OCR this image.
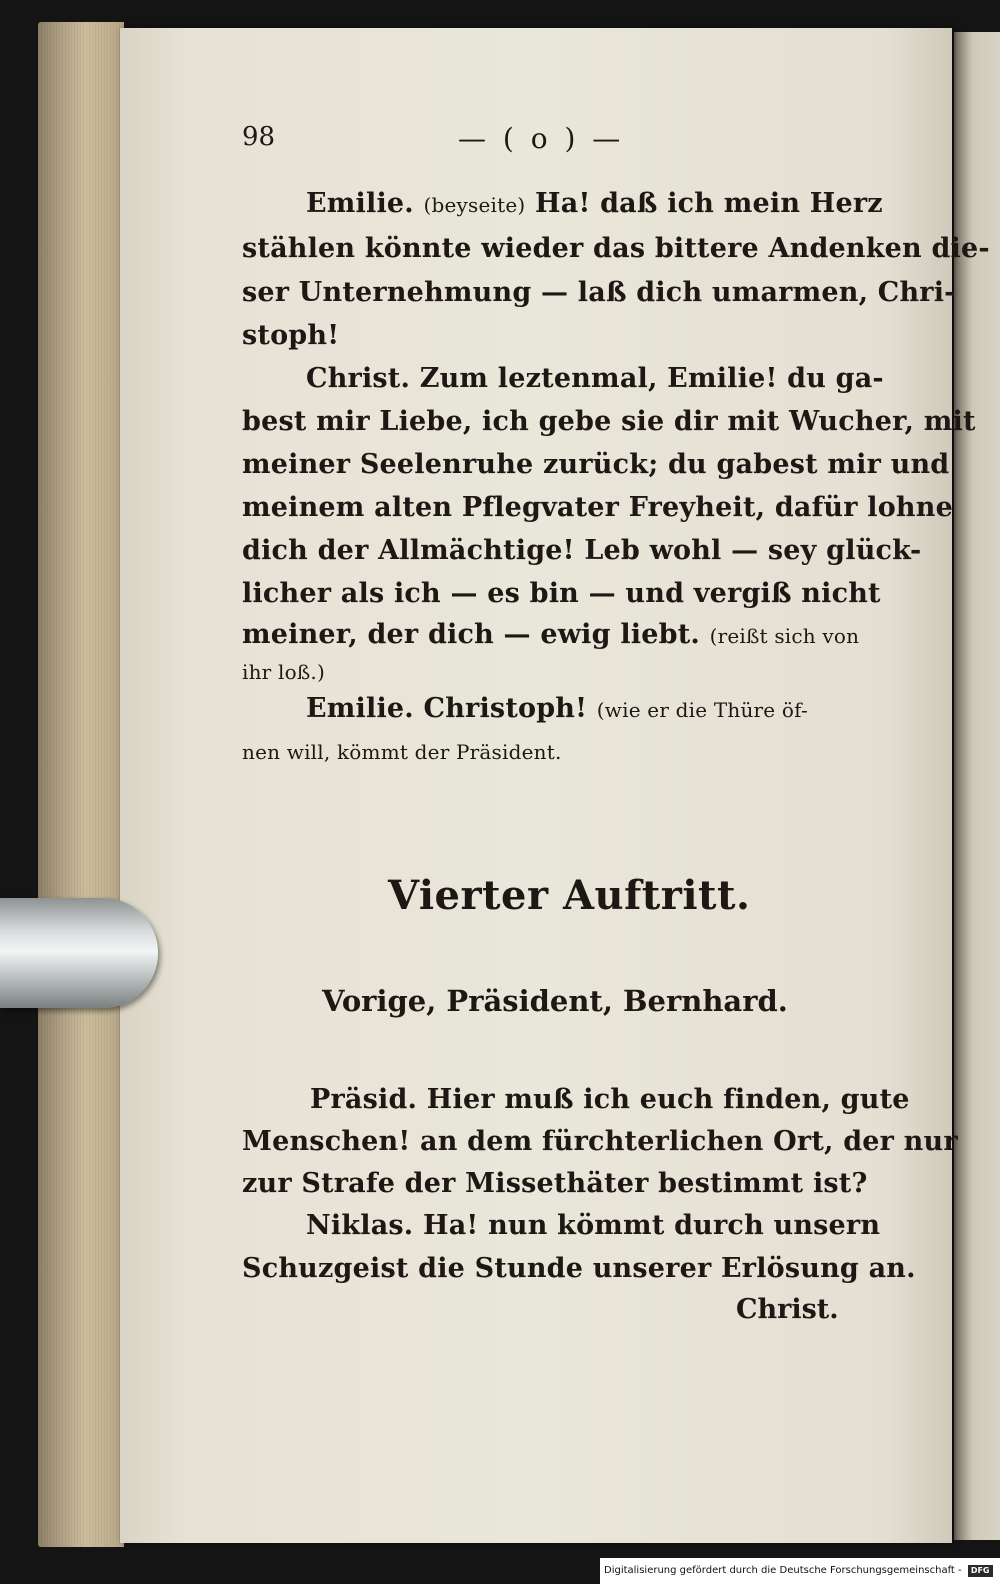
98	— ( o ) —
Emilie. (beyseite) Ha! daß ich mein Herz
stählen könnte wieder das bittere Andenken die-
ser Unternehmung — laß dich umarmen, Chri-
stoph!
Christ. Zum leztenmal, Emilie! du ga-
best mir Liebe, ich gebe sie dir mit Wucher, mit
meiner Seelenruhe zurück; du gabest mir und
meinem alten Pflegvater Freyheit, dafür lohne
dich der Allmächtige! Leb wohl — sey glück-
licher als ich — es bin — und vergiß nicht
meiner, der dich — ewig liebt. (reißt sich von
ihr loß.)
Emilie. Christoph! (wie er die Thüre öf-
nen will, kömmt der Präsident.
Vierter Auftritt.
Vorige, Präsident, Bernhard.
Präsid. Hier muß ich euch finden, gute
Menschen! an dem fürchterlichen Ort, der nur
zur Strafe der Missethäter bestimmt ist?
Niklas. Ha! nun kömmt durch unsern
Schuzgeist die Stunde unserer Erlösung an.
Christ.
Digitalisierung gefördert durch die Deutsche Forschungsgemeinschaft - DFG
